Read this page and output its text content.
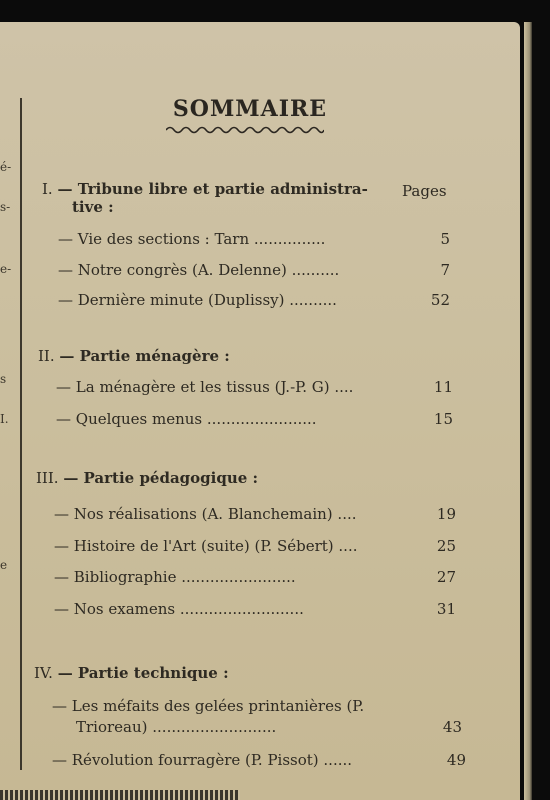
é-
s-
e-
s
I.
e
SOMMAIRE
I. — Tribune libre et partie administra- Pages
tive :
— Vie des sections : Tarn ...............	5
— Notre congrès (A. Delenne) ..........	7
— Dernière minute (Duplissy) ..........	52
II. — Partie ménagère :
— La ménagère et les tissus (J.-P. G) ....	11
— Quelques menus .......................	15
III. — Partie pédagogique :
— Nos réalisations (A. Blanchemain) ....	19
— Histoire de l'Art (suite) (P. Sébert) ....	25
— Bibliographie ........................	27
— Nos examens ..........................	31
IV. — Partie technique :
— Les méfaits des gelées printanières (P.
Trioreau) ..........................	43
— Révolution fourragère (P. Pissot) ......	49
